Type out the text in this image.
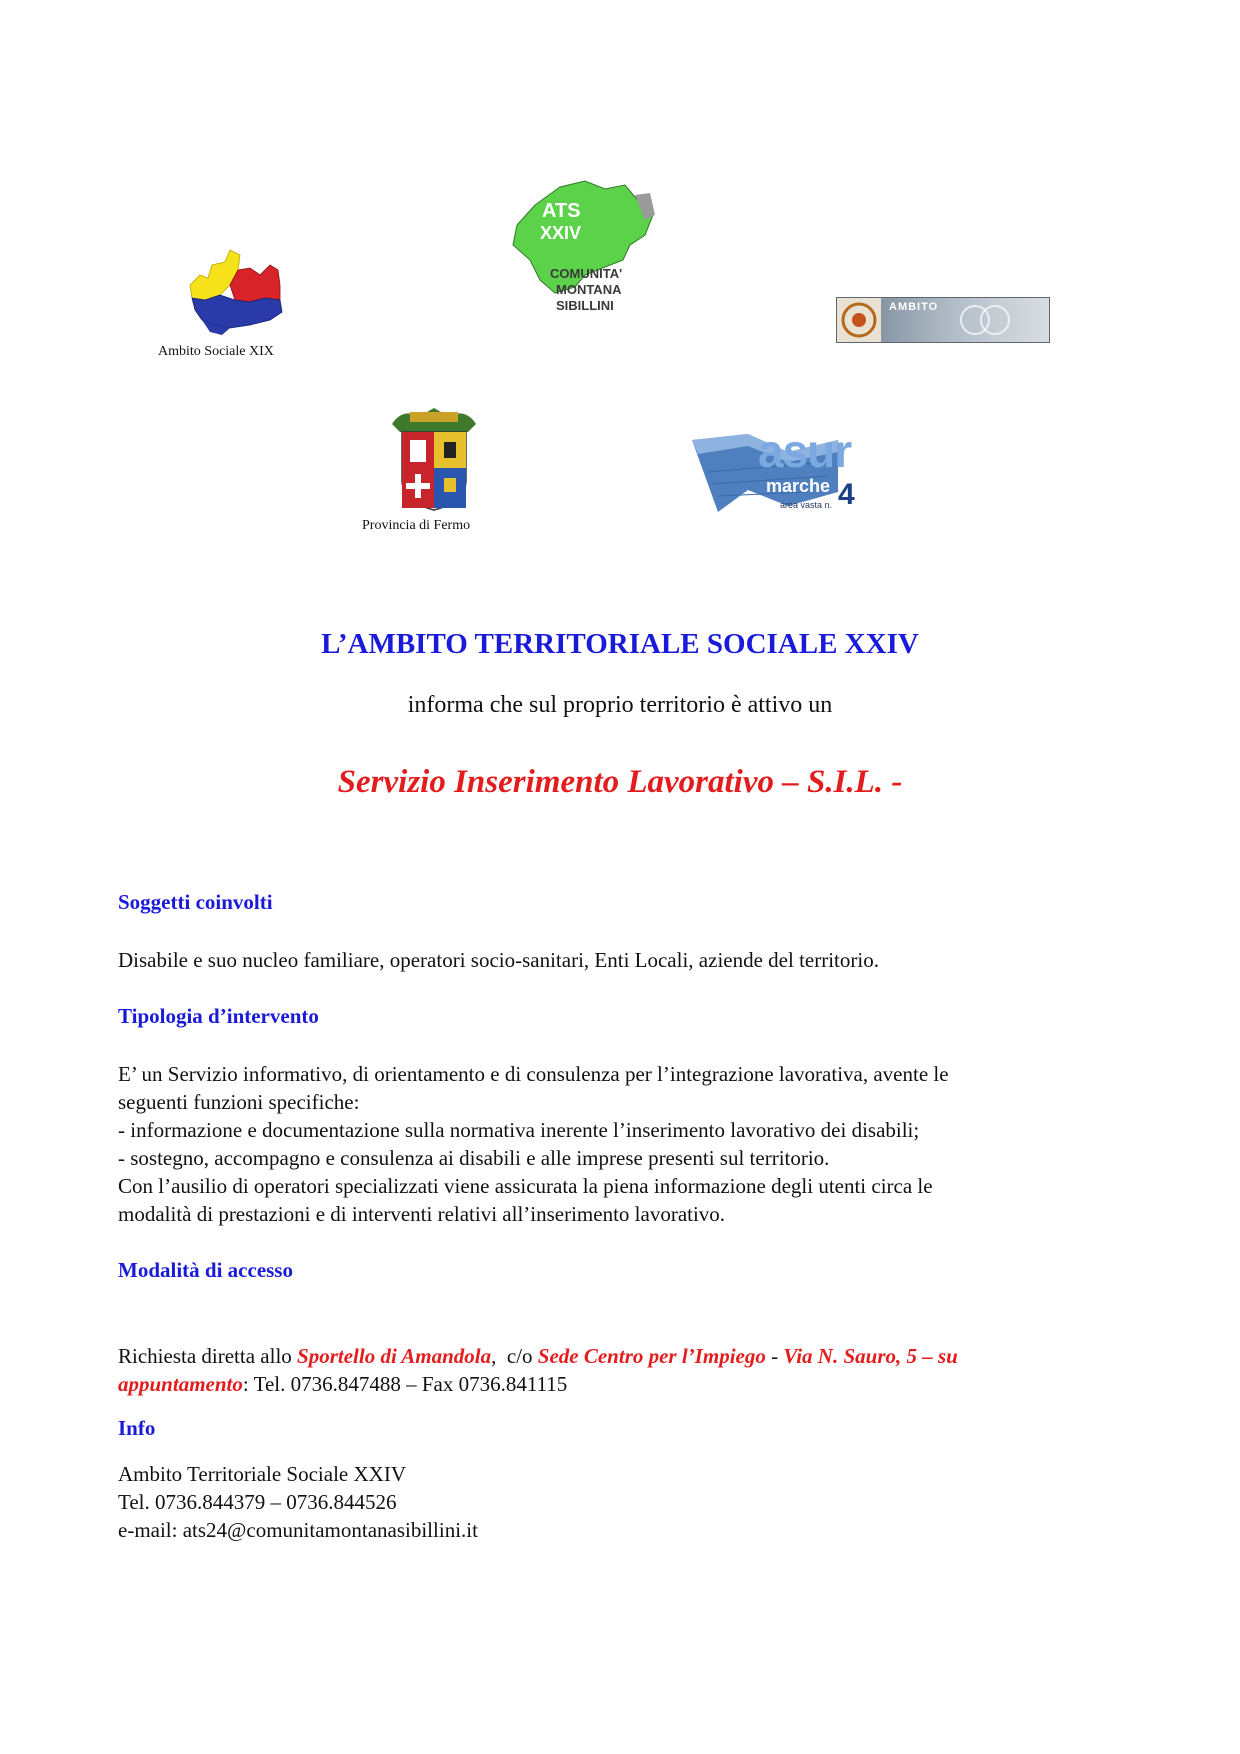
Ambito Sociale XIX
ATS
XXIV
COMUNITA'
MONTANA
SIBILLINI	AMBITO
Provincia di Fermo
asur
marche
area vasta n. 4
L’AMBITO TERRITORIALE SOCIALE XXIV
informa che sul proprio territorio è attivo un
Servizio Inserimento Lavorativo – S.I.L. -
Soggetti coinvolti
Disabile e suo nucleo familiare, operatori socio-sanitari, Enti Locali, aziende del territorio.
Tipologia d’intervento
E’ un Servizio informativo, di orientamento e di consulenza per l’integrazione lavorativa, avente le
seguenti funzioni specifiche:
- informazione e documentazione sulla normativa inerente l’inserimento lavorativo dei disabili;
- sostegno, accompagno e consulenza ai disabili e alle imprese presenti sul territorio.
Con l’ausilio di operatori specializzati viene assicurata la piena informazione degli utenti circa le
modalità di prestazioni e di interventi relativi all’inserimento lavorativo.
Modalità di accesso

Richiesta diretta allo Sportello di Amandola,  c/o Sede Centro per l’Impiego - Via N. Sauro, 5 – su
appuntamento: Tel. 0736.847488 – Fax 0736.841115

Info
Ambito Territoriale Sociale XXIV
Tel. 0736.844379 – 0736.844526
e-mail: ats24@comunitamontanasibillini.it
